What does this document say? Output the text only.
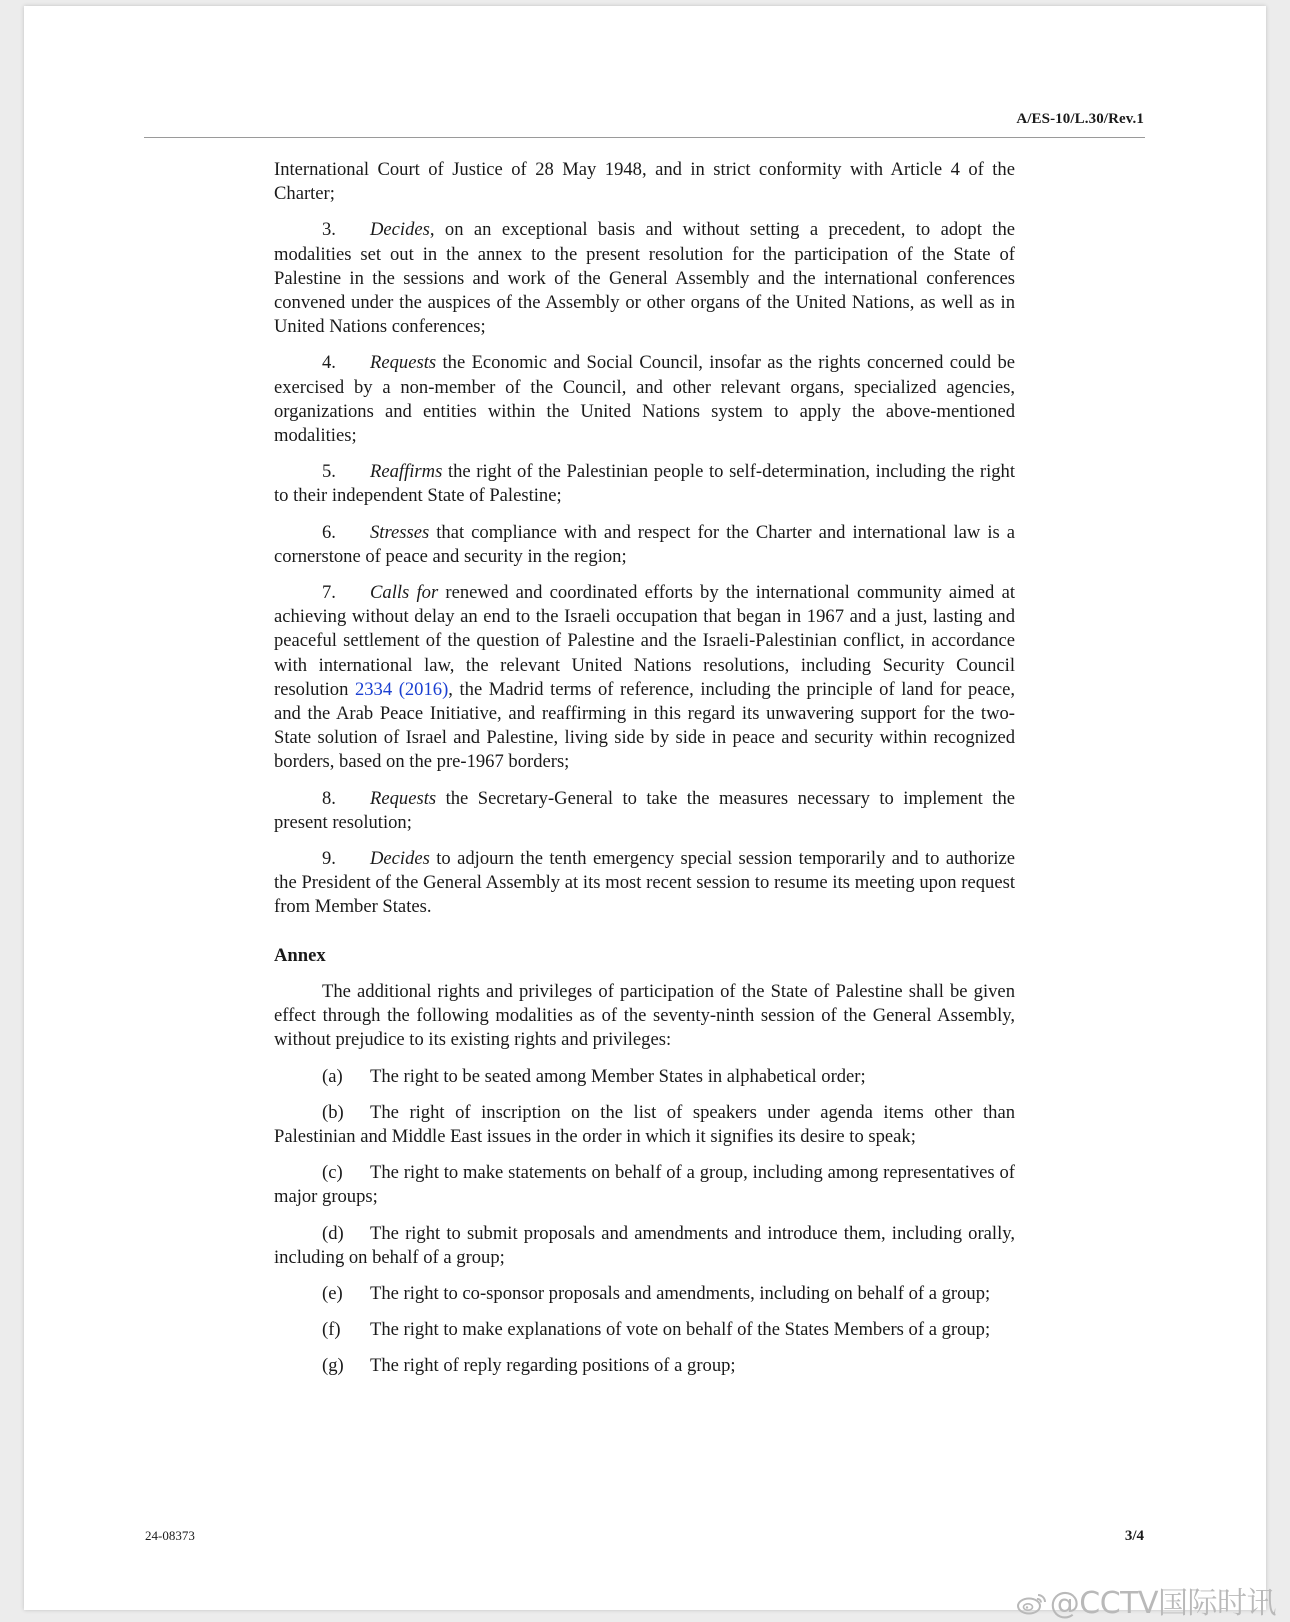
A/ES-10/L.30/Rev.1

International Court of Justice of 28 May 1948, and in strict conformity with Article 4 of the Charter;

3. Decides, on an exceptional basis and without setting a precedent, to adopt the modalities set out in the annex to the present resolution for the participation of the State of Palestine in the sessions and work of the General Assembly and the international conferences convened under the auspices of the Assembly or other organs of the United Nations, as well as in United Nations conferences;

4. Requests the Economic and Social Council, insofar as the rights concerned could be exercised by a non-member of the Council, and other relevant organs, specialized agencies, organizations and entities within the United Nations system to apply the above-mentioned modalities;

5. Reaffirms the right of the Palestinian people to self-determination, including the right to their independent State of Palestine;

6. Stresses that compliance with and respect for the Charter and international law is a cornerstone of peace and security in the region;

7. Calls for renewed and coordinated efforts by the international community aimed at achieving without delay an end to the Israeli occupation that began in 1967 and a just, lasting and peaceful settlement of the question of Palestine and the Israeli-Palestinian conflict, in accordance with international law, the relevant United Nations resolutions, including Security Council resolution 2334 (2016), the Madrid terms of reference, including the principle of land for peace, and the Arab Peace Initiative, and reaffirming in this regard its unwavering support for the two-State solution of Israel and Palestine, living side by side in peace and security within recognized borders, based on the pre-1967 borders;

8. Requests the Secretary-General to take the measures necessary to implement the present resolution;

9. Decides to adjourn the tenth emergency special session temporarily and to authorize the President of the General Assembly at its most recent session to resume its meeting upon request from Member States.

Annex

The additional rights and privileges of participation of the State of Palestine shall be given effect through the following modalities as of the seventy-ninth session of the General Assembly, without prejudice to its existing rights and privileges:

(a) The right to be seated among Member States in alphabetical order;

(b) The right of inscription on the list of speakers under agenda items other than Palestinian and Middle East issues in the order in which it signifies its desire to speak;

(c) The right to make statements on behalf of a group, including among representatives of major groups;

(d) The right to submit proposals and amendments and introduce them, including orally, including on behalf of a group;

(e) The right to co-sponsor proposals and amendments, including on behalf of a group;

(f) The right to make explanations of vote on behalf of the States Members of a group;

(g) The right of reply regarding positions of a group;

24-08373	3/4
@CCTV国际时讯
